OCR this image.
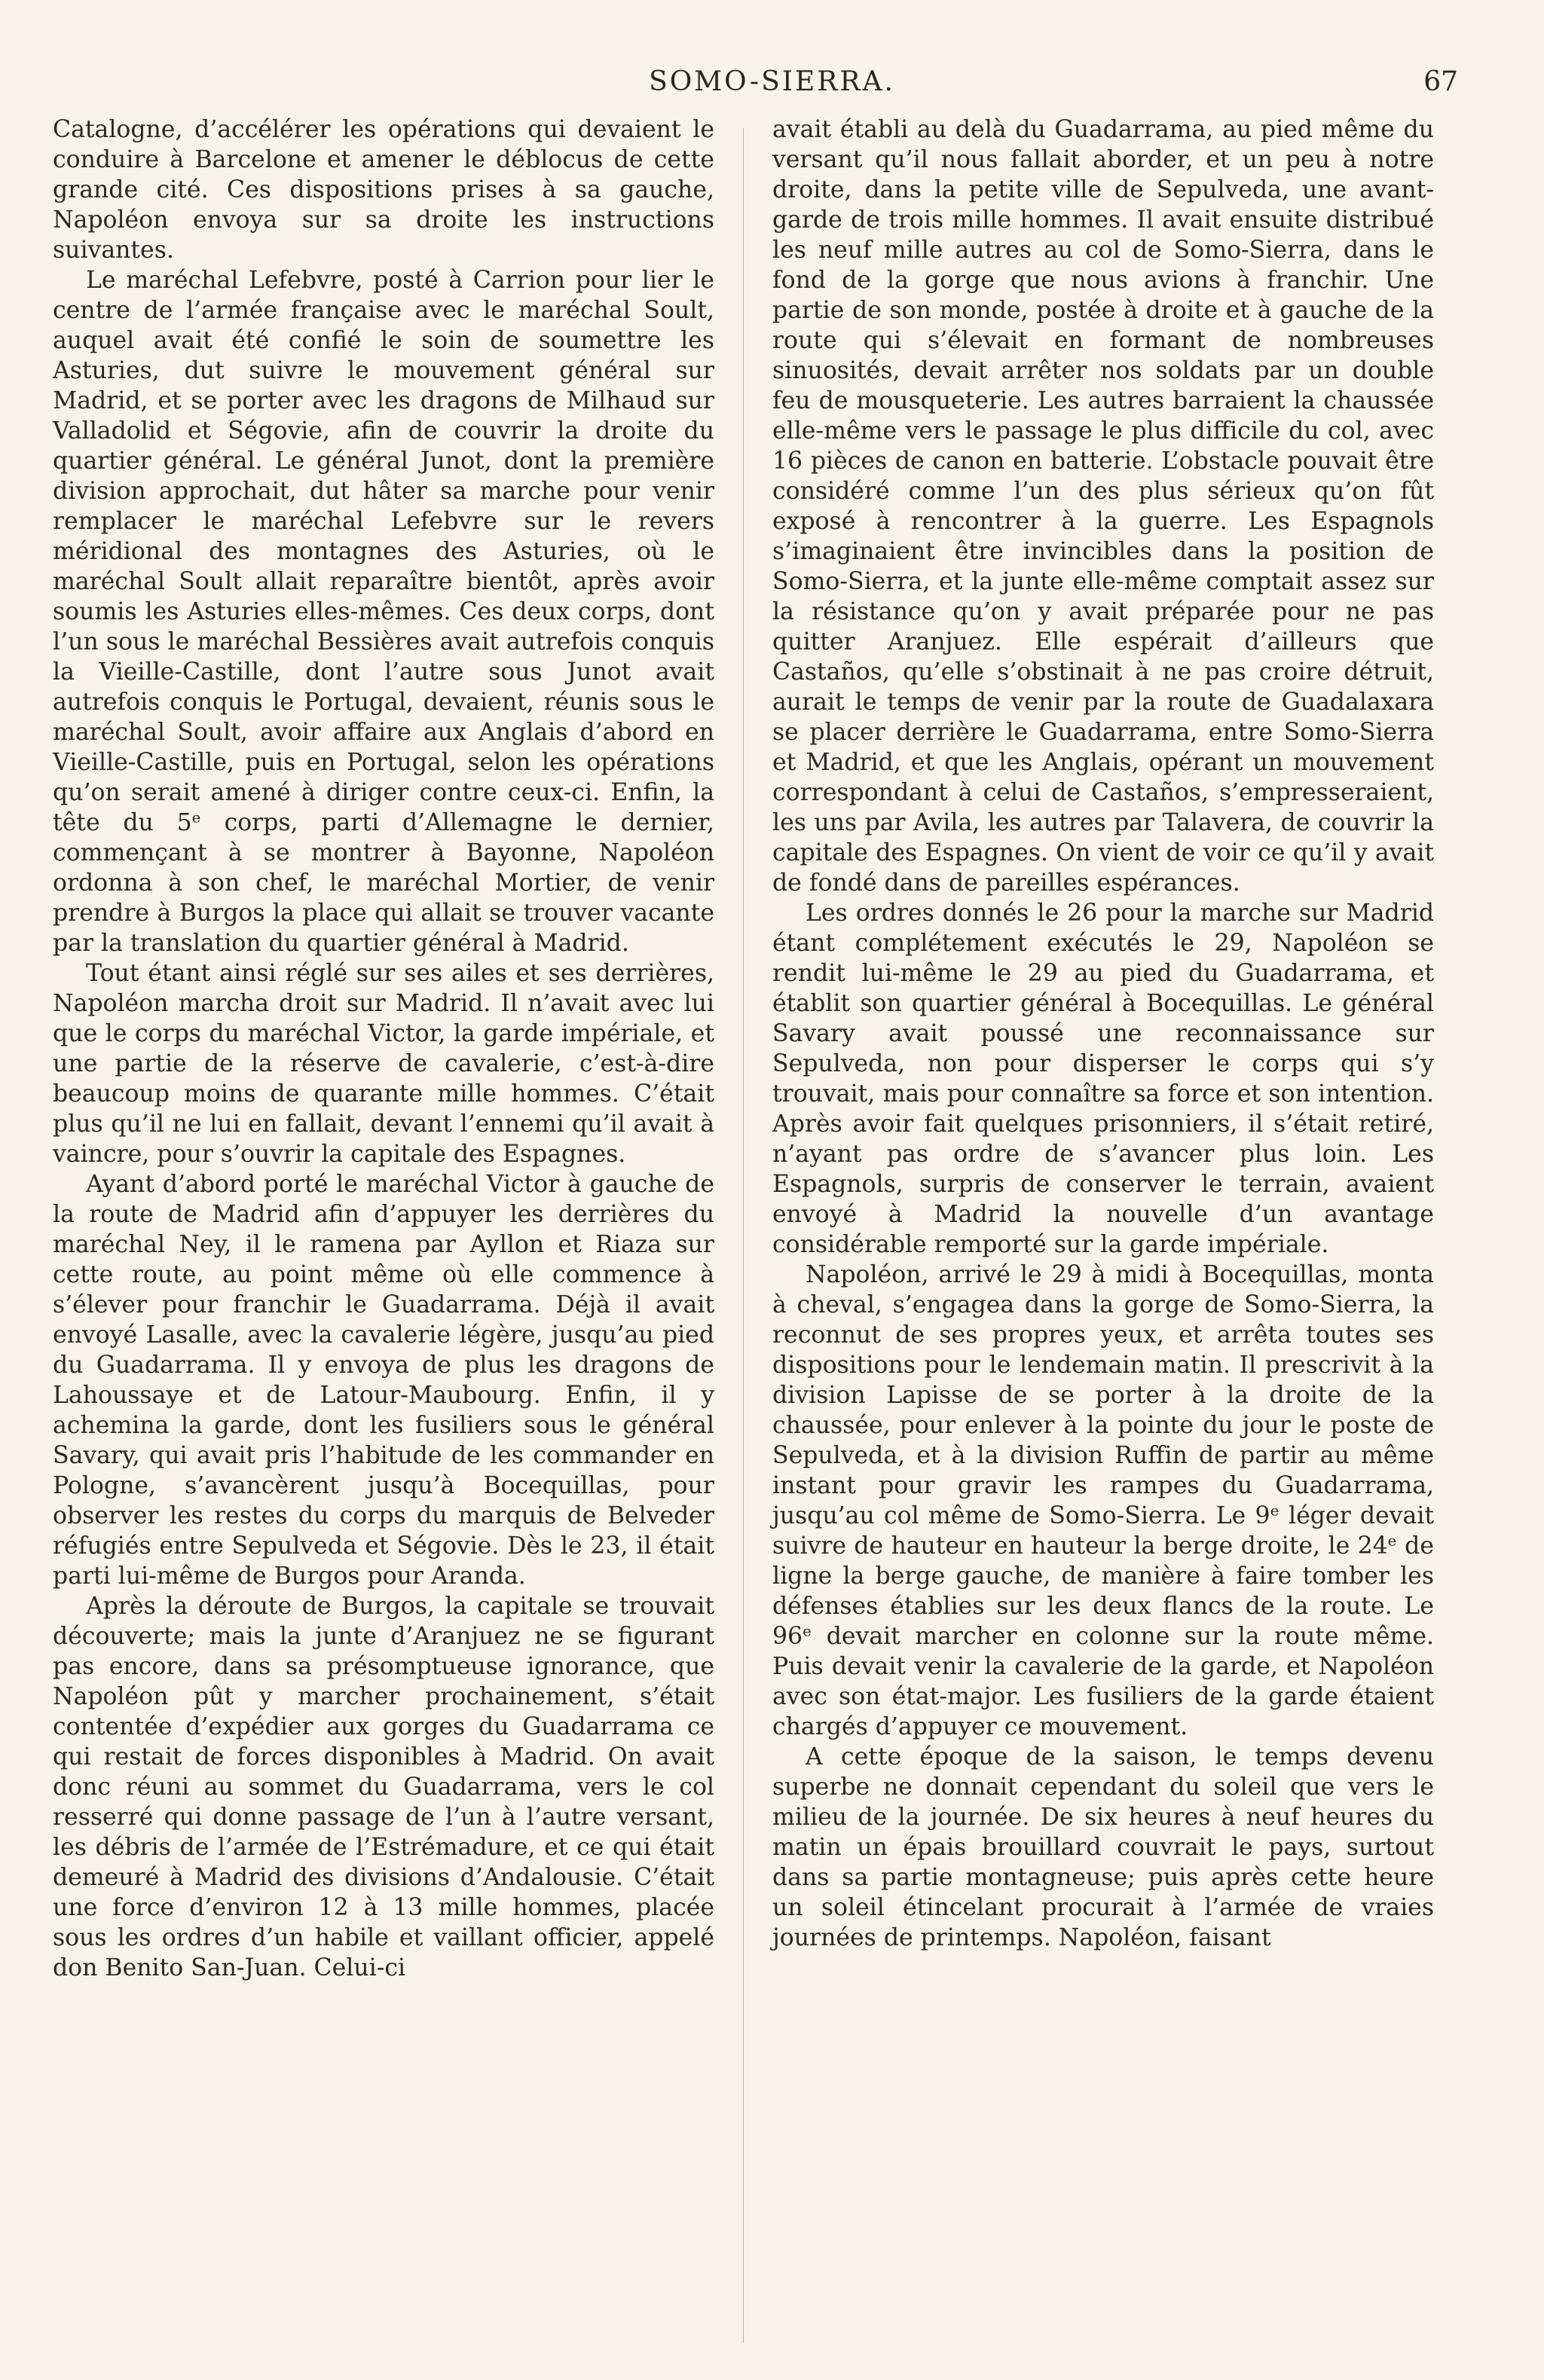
SOMO-SIERRA.	67

Catalogne, d’accélérer les opérations qui devaient le conduire à Barcelone et amener le déblocus de cette grande cité. Ces dispositions prises à sa gauche, Napoléon envoya sur sa droite les instructions suivantes.

Le maréchal Lefebvre, posté à Carrion pour lier le centre de l’armée française avec le maréchal Soult, auquel avait été confié le soin de soumettre les Asturies, dut suivre le mouvement général sur Madrid, et se porter avec les dragons de Milhaud sur Valladolid et Ségovie, afin de couvrir la droite du quartier général. Le général Junot, dont la première division approchait, dut hâter sa marche pour venir remplacer le maréchal Lefebvre sur le revers méridional des montagnes des Asturies, où le maréchal Soult allait reparaître bientôt, après avoir soumis les Asturies elles-mêmes. Ces deux corps, dont l’un sous le maréchal Bessières avait autrefois conquis la Vieille-Castille, dont l’autre sous Junot avait autrefois conquis le Portugal, devaient, réunis sous le maréchal Soult, avoir affaire aux Anglais d’abord en Vieille-Castille, puis en Portugal, selon les opérations qu’on serait amené à diriger contre ceux-ci. Enfin, la tête du 5ᵉ corps, parti d’Allemagne le dernier, commençant à se montrer à Bayonne, Napoléon ordonna à son chef, le maréchal Mortier, de venir prendre à Burgos la place qui allait se trouver vacante par la translation du quartier général à Madrid.

Tout étant ainsi réglé sur ses ailes et ses derrières, Napoléon marcha droit sur Madrid. Il n’avait avec lui que le corps du maréchal Victor, la garde impériale, et une partie de la réserve de cavalerie, c’est-à-dire beaucoup moins de quarante mille hommes. C’était plus qu’il ne lui en fallait, devant l’ennemi qu’il avait à vaincre, pour s’ouvrir la capitale des Espagnes.

Ayant d’abord porté le maréchal Victor à gauche de la route de Madrid afin d’appuyer les derrières du maréchal Ney, il le ramena par Ayllon et Riaza sur cette route, au point même où elle commence à s’élever pour franchir le Guadarrama. Déjà il avait envoyé Lasalle, avec la cavalerie légère, jusqu’au pied du Guadarrama. Il y envoya de plus les dragons de Lahoussaye et de Latour-Maubourg. Enfin, il y achemina la garde, dont les fusiliers sous le général Savary, qui avait pris l’habitude de les commander en Pologne, s’avancèrent jusqu’à Bocequillas, pour observer les restes du corps du marquis de Belveder réfugiés entre Sepulveda et Ségovie. Dès le 23, il était parti lui-même de Burgos pour Aranda.

Après la déroute de Burgos, la capitale se trouvait découverte; mais la junte d’Aranjuez ne se figurant pas encore, dans sa présomptueuse ignorance, que Napoléon pût y marcher prochainement, s’était contentée d’expédier aux gorges du Guadarrama ce qui restait de forces disponibles à Madrid. On avait donc réuni au sommet du Guadarrama, vers le col resserré qui donne passage de l’un à l’autre versant, les débris de l’armée de l’Estrémadure, et ce qui était demeuré à Madrid des divisions d’Andalousie. C’était une force d’environ 12 à 13 mille hommes, placée sous les ordres d’un habile et vaillant officier, appelé don Benito San-Juan. Celui-ci

avait établi au delà du Guadarrama, au pied même du versant qu’il nous fallait aborder, et un peu à notre droite, dans la petite ville de Sepulveda, une avant-garde de trois mille hommes. Il avait ensuite distribué les neuf mille autres au col de Somo-Sierra, dans le fond de la gorge que nous avions à franchir. Une partie de son monde, postée à droite et à gauche de la route qui s’élevait en formant de nombreuses sinuosités, devait arrêter nos soldats par un double feu de mousqueterie. Les autres barraient la chaussée elle-même vers le passage le plus difficile du col, avec 16 pièces de canon en batterie. L’obstacle pouvait être considéré comme l’un des plus sérieux qu’on fût exposé à rencontrer à la guerre. Les Espagnols s’imaginaient être invincibles dans la position de Somo-Sierra, et la junte elle-même comptait assez sur la résistance qu’on y avait préparée pour ne pas quitter Aranjuez. Elle espérait d’ailleurs que Castaños, qu’elle s’obstinait à ne pas croire détruit, aurait le temps de venir par la route de Guadalaxara se placer derrière le Guadarrama, entre Somo-Sierra et Madrid, et que les Anglais, opérant un mouvement correspondant à celui de Castaños, s’empresseraient, les uns par Avila, les autres par Talavera, de couvrir la capitale des Espagnes. On vient de voir ce qu’il y avait de fondé dans de pareilles espérances.

Les ordres donnés le 26 pour la marche sur Madrid étant complétement exécutés le 29, Napoléon se rendit lui-même le 29 au pied du Guadarrama, et établit son quartier général à Bocequillas. Le général Savary avait poussé une reconnaissance sur Sepulveda, non pour disperser le corps qui s’y trouvait, mais pour connaître sa force et son intention. Après avoir fait quelques prisonniers, il s’était retiré, n’ayant pas ordre de s’avancer plus loin. Les Espagnols, surpris de conserver le terrain, avaient envoyé à Madrid la nouvelle d’un avantage considérable remporté sur la garde impériale.

Napoléon, arrivé le 29 à midi à Bocequillas, monta à cheval, s’engagea dans la gorge de Somo-Sierra, la reconnut de ses propres yeux, et arrêta toutes ses dispositions pour le lendemain matin. Il prescrivit à la division Lapisse de se porter à la droite de la chaussée, pour enlever à la pointe du jour le poste de Sepulveda, et à la division Ruffin de partir au même instant pour gravir les rampes du Guadarrama, jusqu’au col même de Somo-Sierra. Le 9ᵉ léger devait suivre de hauteur en hauteur la berge droite, le 24ᵉ de ligne la berge gauche, de manière à faire tomber les défenses établies sur les deux flancs de la route. Le 96ᵉ devait marcher en colonne sur la route même. Puis devait venir la cavalerie de la garde, et Napoléon avec son état-major. Les fusiliers de la garde étaient chargés d’appuyer ce mouvement.

A cette époque de la saison, le temps devenu superbe ne donnait cependant du soleil que vers le milieu de la journée. De six heures à neuf heures du matin un épais brouillard couvrait le pays, surtout dans sa partie montagneuse; puis après cette heure un soleil étincelant procurait à l’armée de vraies journées de printemps. Napoléon, faisant
